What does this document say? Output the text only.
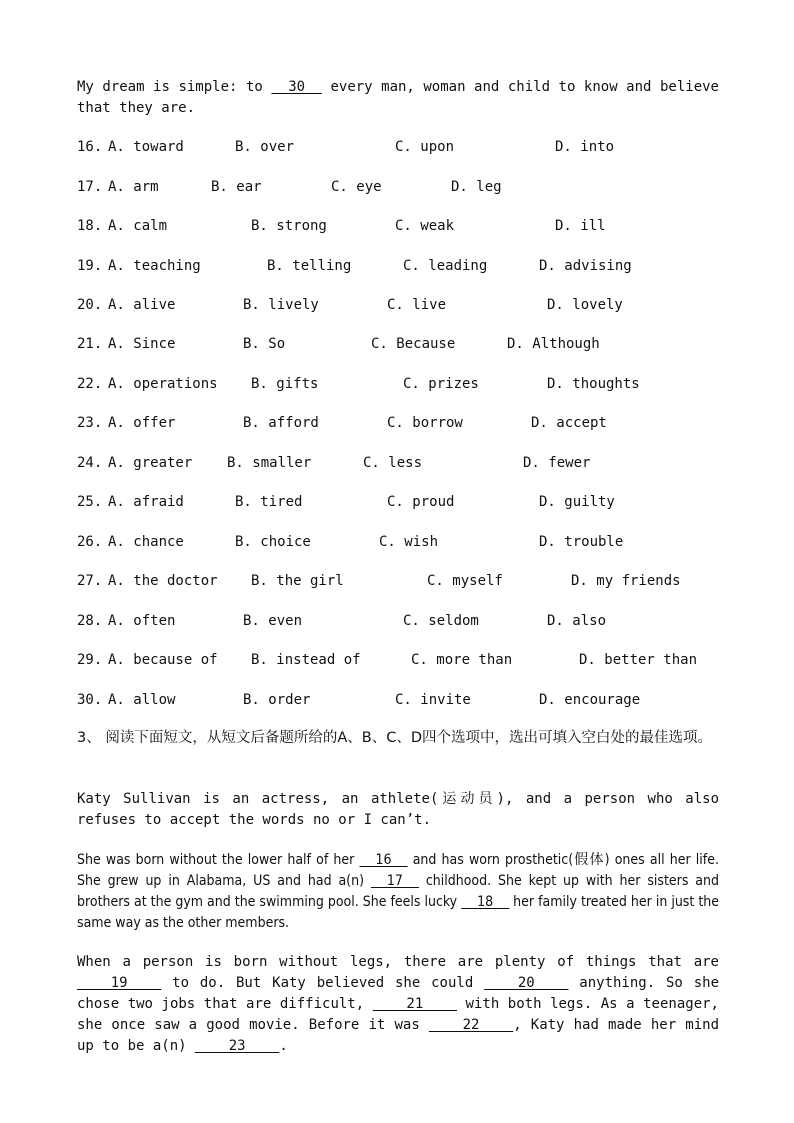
My dream is simple: to   30   every man, woman and child to know and believe that they are.

16.

A. toward

	B. over

	C. upon

	D. into

17.

A. arm

	B. ear

	C. eye

	D. leg

18.

A. calm

	B. strong

	C. weak

	D. ill

19.

A. teaching

	B. telling

	C. leading

	D. advising

20.

A. alive

	B. lively

	C. live

	D. lovely

21.

A. Since

	B. So

	C. Because

	D. Although

22.

A. operations

B. gifts

	C. prizes

	D. thoughts

23.

A. offer

	B. afford

	C. borrow

	D. accept

24.

A. greater

B. smaller

	C. less

	D. fewer

25.

A. afraid

	B. tired

	C. proud

	D. guilty

26.

A. chance

	B. choice

	C. wish

	D. trouble

27.

A. the doctor

B. the girl

	C. myself

	D. my friends

28.

A. often

	B. even

	C. seldom

	D. also

29.

A. because of

B. instead of

	C. more than

	D. better than

30.

A. allow

	B. order

	C. invite

	D. encourage

3、 阅读下面短文，从短文后备题所给的A、B、C、D四个选项中，选出可填入空白处的最佳选项。
Katy Sullivan is an actress, an athlete(运动员), and a person who also refuses to accept the words no or I can’t.
She was born without the lower half of her     16     and has worn prosthetic(假体) ones all her life. She grew up in Alabama, US and had a(n)     17     childhood. She kept up with her sisters and brothers at the gym and the swimming pool. She feels lucky     18     her family treated her in just the same way as the other members.
When a person is born without legs, there are plenty of things that are     19     to do. But Katy believed she could     20     anything. So she chose two jobs that are difficult,     21     with both legs. As a teenager, she once saw a good movie. Before it was     22    , Katy had made her mind up to be a(n)     23    .
